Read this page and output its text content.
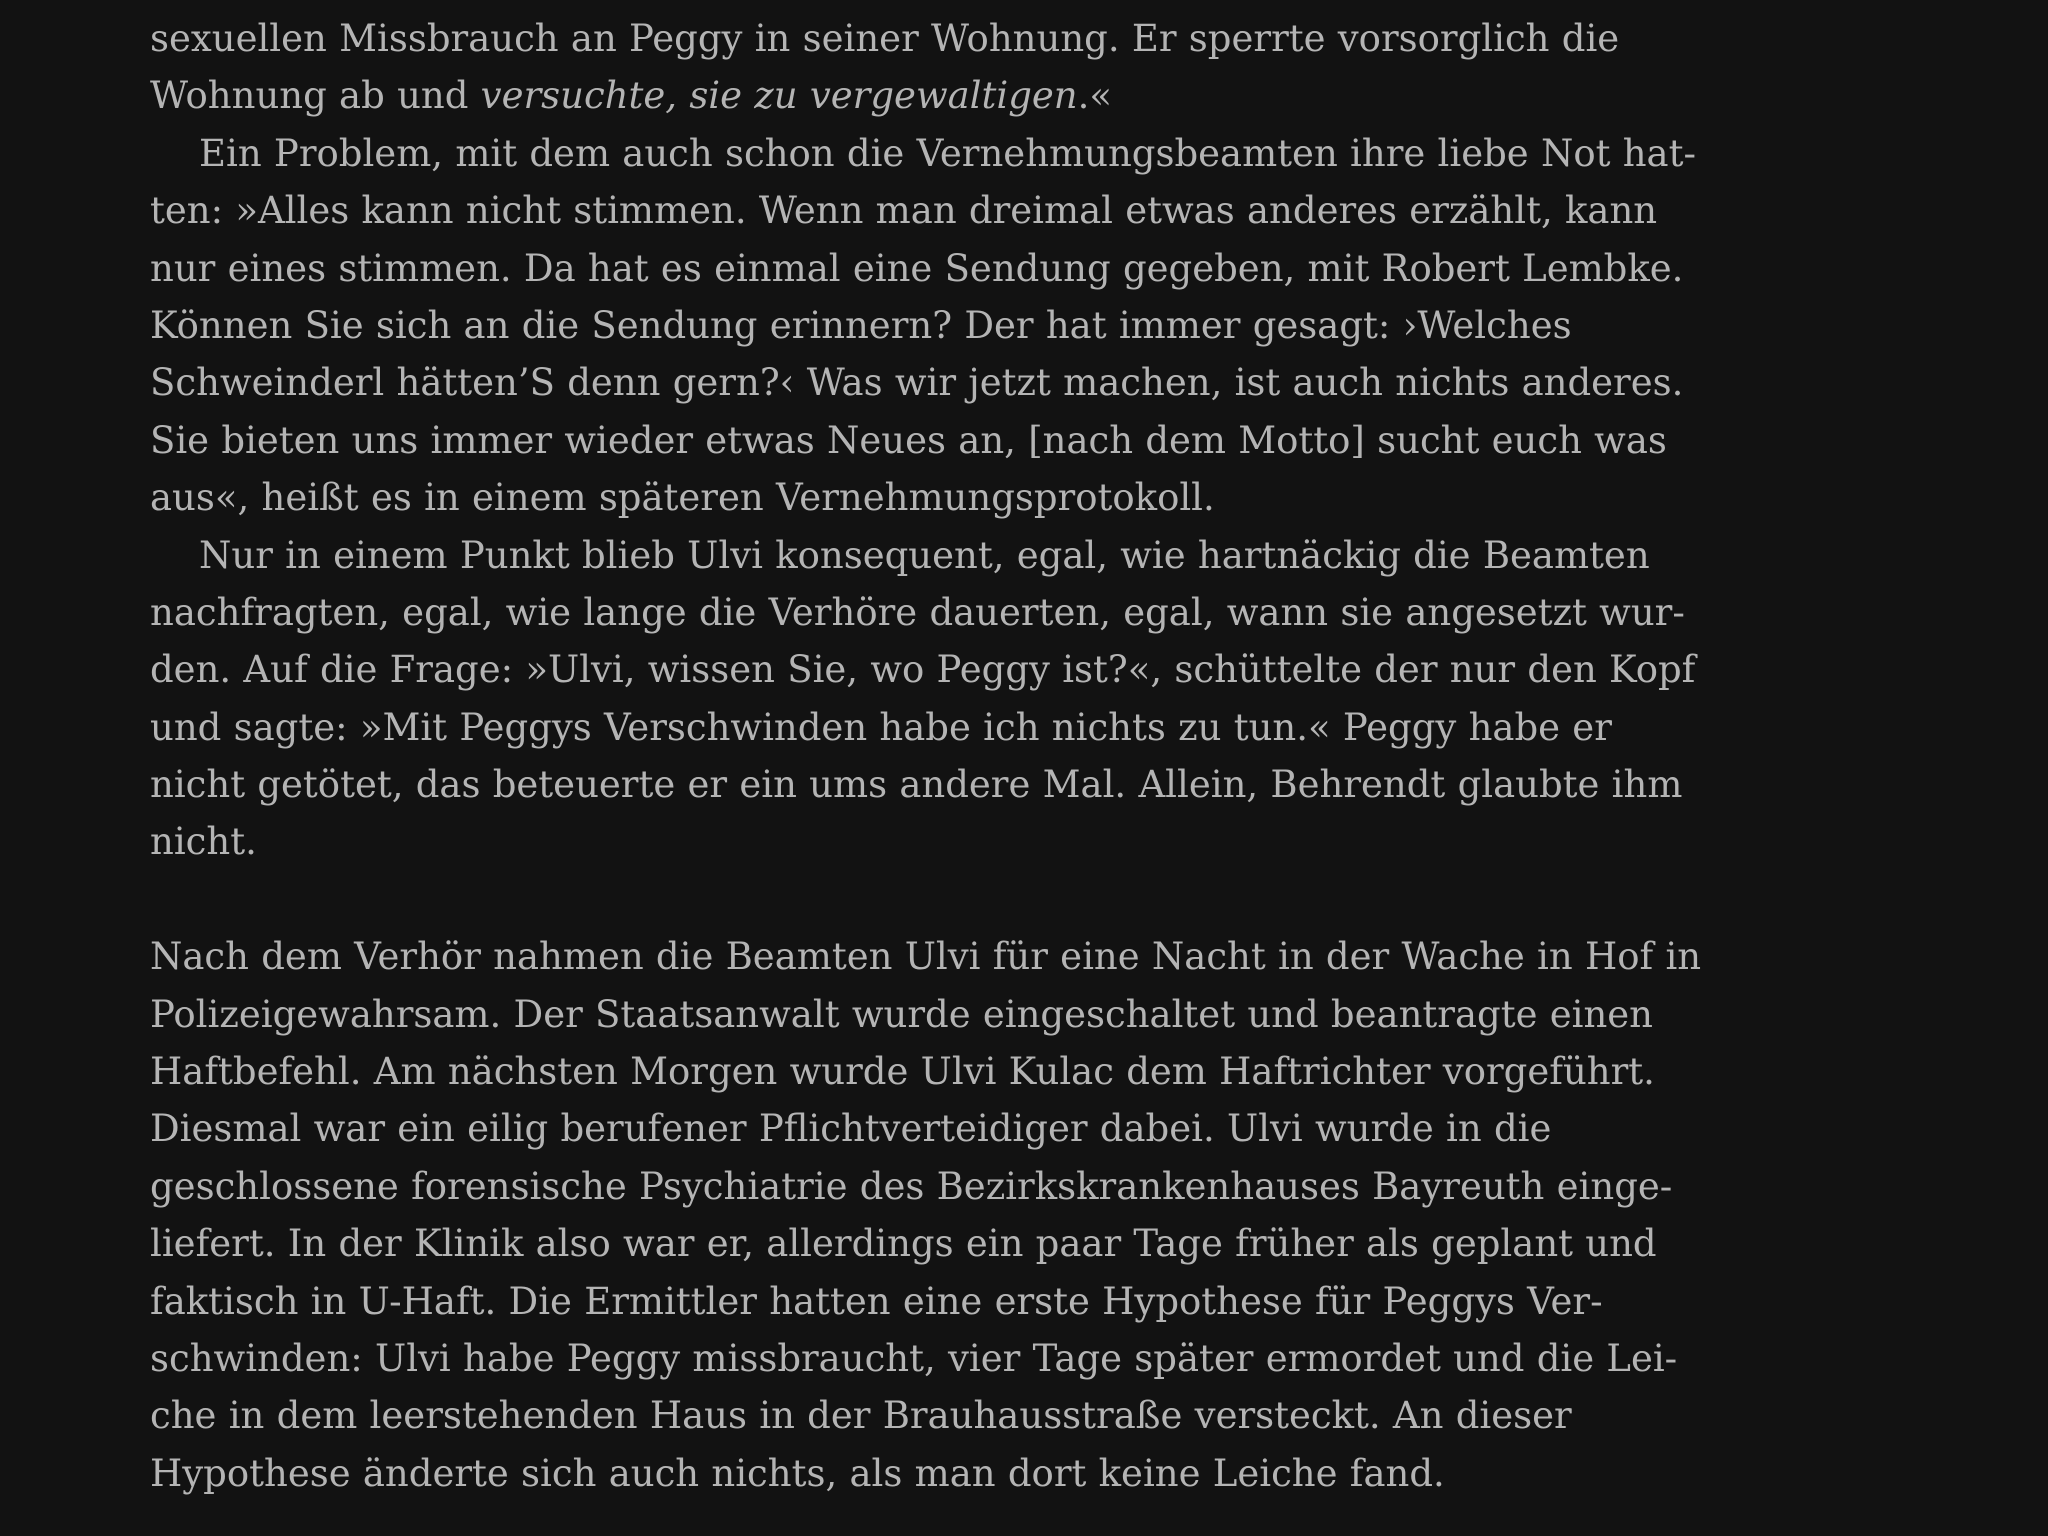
sexuellen Missbrauch an Peggy in seiner Wohnung. Er sperrte vorsorglich die
Wohnung ab und versuchte, sie zu vergewaltigen.«
Ein Problem, mit dem auch schon die Vernehmungsbeamten ihre liebe Not hat-
ten: »Alles kann nicht stimmen. Wenn man dreimal etwas anderes erzählt, kann
nur eines stimmen. Da hat es einmal eine Sendung gegeben, mit Robert Lembke.
Können Sie sich an die Sendung erinnern? Der hat immer gesagt: ›Welches
Schweinderl hätten’S denn gern?‹ Was wir jetzt machen, ist auch nichts anderes.
Sie bieten uns immer wieder etwas Neues an, [nach dem Motto] sucht euch was
aus«, heißt es in einem späteren Vernehmungsprotokoll.
Nur in einem Punkt blieb Ulvi konsequent, egal, wie hartnäckig die Beamten
nachfragten, egal, wie lange die Verhöre dauerten, egal, wann sie angesetzt wur-
den. Auf die Frage: »Ulvi, wissen Sie, wo Peggy ist?«, schüttelte der nur den Kopf
und sagte: »Mit Peggys Verschwinden habe ich nichts zu tun.« Peggy habe er
nicht getötet, das beteuerte er ein ums andere Mal. Allein, Behrendt glaubte ihm
nicht.
Nach dem Verhör nahmen die Beamten Ulvi für eine Nacht in der Wache in Hof in
Polizeigewahrsam. Der Staatsanwalt wurde eingeschaltet und beantragte einen
Haftbefehl. Am nächsten Morgen wurde Ulvi Kulac dem Haftrichter vorgeführt.
Diesmal war ein eilig berufener Pflichtverteidiger dabei. Ulvi wurde in die
geschlossene forensische Psychiatrie des Bezirkskrankenhauses Bayreuth einge-
liefert. In der Klinik also war er, allerdings ein paar Tage früher als geplant und
faktisch in U-Haft. Die Ermittler hatten eine erste Hypothese für Peggys Ver-
schwinden: Ulvi habe Peggy missbraucht, vier Tage später ermordet und die Lei-
che in dem leerstehenden Haus in der Brauhausstraße versteckt. An dieser
Hypothese änderte sich auch nichts, als man dort keine Leiche fand.
